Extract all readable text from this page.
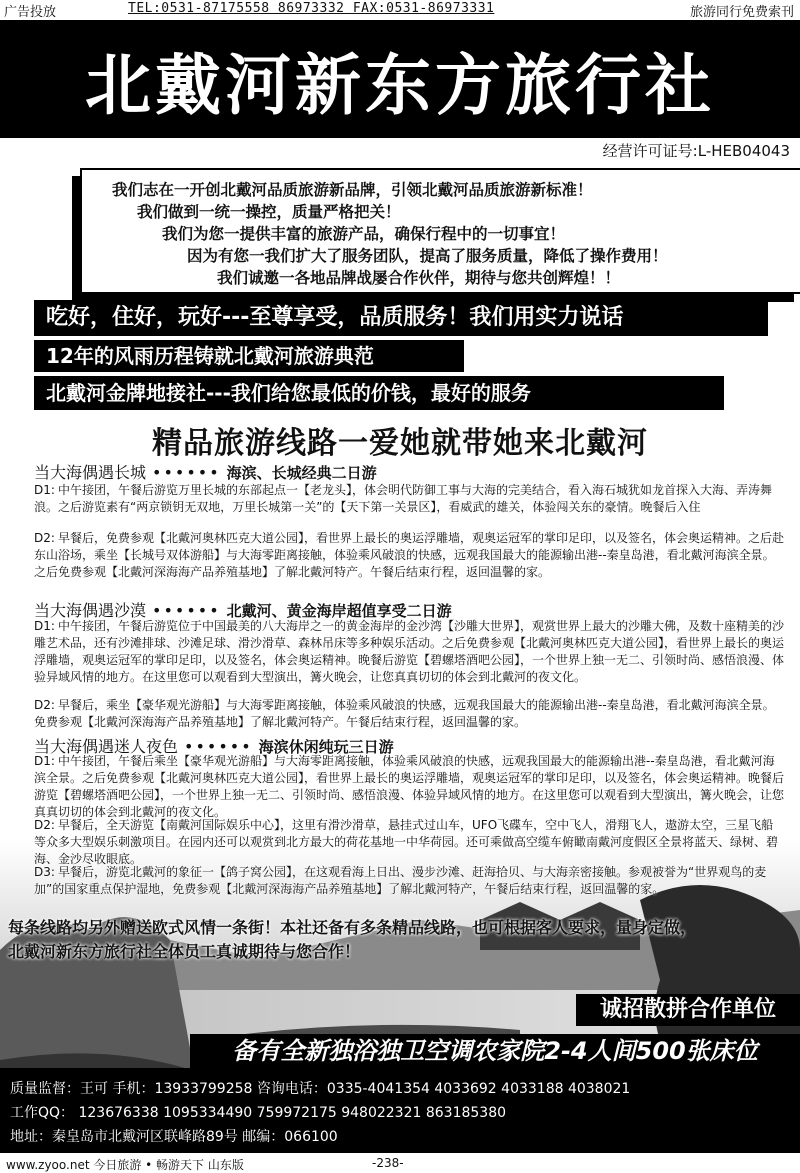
广告投放	TEL:0531-87175558 86973332 FAX:0531-86973331	旅游同行免费索刊
北戴河新东方旅行社
经营许可证号:L-HEB04043
我们志在一开创北戴河品质旅游新品牌，引领北戴河品质旅游新标准！
我们做到一统一操控，质量严格把关！
我们为您一提供丰富的旅游产品，确保行程中的一切事宜！
因为有您一我们扩大了服务团队，提高了服务质量，降低了操作费用！
我们诚邀一各地品牌战屡合作伙伴，期待与您共创辉煌！！
吃好，住好，玩好---至尊享受，品质服务！我们用实力说话
12年的风雨历程铸就北戴河旅游典范
北戴河金牌地接社---我们给您最低的价钱，最好的服务
精品旅游线路一爱她就带她来北戴河
当大海偶遇长城 •••••• 海滨、长城经典二日游
D1: 中午接团，午餐后游览万里长城的东部起点一【老龙头】，体会明代防御工事与大海的完美结合，看入海石城犹如龙首探入大海、弄涛舞浪。之后游览素有“两京锁钥无双地，万里长城第一关”的【天下第一关景区】，看威武的雄关，体验闯关东的豪情。晚餐后入住
D2: 早餐后，免费参观【北戴河奥林匹克大道公园】，看世界上最长的奥运浮雕墙，观奥运冠军的掌印足印，以及签名，体会奥运精神。之后赴东山浴场，乘坐【长城号双体游船】与大海零距离接触，体验乘风破浪的快感，远观我国最大的能源输出港--秦皇岛港，看北戴河海滨全景。之后免费参观【北戴河深海海产品养殖基地】了解北戴河特产。午餐后结束行程，返回温馨的家。
当大海偶遇沙漠 •••••• 北戴河、黄金海岸超值享受二日游
D1: 中午接团，午餐后游览位于中国最美的八大海岸之一的黄金海岸的金沙湾【沙雕大世界】，观赏世界上最大的沙雕大佛，及数十座精美的沙雕艺术品，还有沙滩排球、沙滩足球、滑沙滑草、森林吊床等多种娱乐活动。之后免费参观【北戴河奥林匹克大道公园】，看世界上最长的奥运浮雕墙，观奥运冠军的掌印足印，以及签名，体会奥运精神。晚餐后游览【碧螺塔酒吧公园】，一个世界上独一无二、引领时尚、感悟浪漫、体验异域风情的地方。在这里您可以观看到大型演出，篝火晚会，让您真真切切的体会到北戴河的夜文化。
D2: 早餐后，乘坐【豪华观光游船】与大海零距离接触，体验乘风破浪的快感，远观我国最大的能源输出港--秦皇岛港，看北戴河海滨全景。免费参观【北戴河深海海产品养殖基地】了解北戴河特产。午餐后结束行程，返回温馨的家。
当大海偶遇迷人夜色 •••••• 海滨休闲纯玩三日游
D1: 中午接团，午餐后乘坐【豪华观光游船】与大海零距离接触，体验乘风破浪的快感，远观我国最大的能源输出港--秦皇岛港，看北戴河海滨全景。之后免费参观【北戴河奥林匹克大道公园】，看世界上最长的奥运浮雕墙，观奥运冠军的掌印足印，以及签名，体会奥运精神。晚餐后游览【碧螺塔酒吧公园】，一个世界上独一无二、引领时尚、感悟浪漫、体验异域风情的地方。在这里您可以观看到大型演出，篝火晚会，让您真真切切的体会到北戴河的夜文化。
D2: 早餐后，全天游览【南戴河国际娱乐中心】，这里有滑沙滑草，悬挂式过山车，UFO飞碟车，空中飞人，滑翔飞人，遨游太空，三星飞船等众多大型娱乐刺激项目。在园内还可以观赏到北方最大的荷花基地一中华荷园。还可乘做高空缆车俯瞰南戴河度假区全景将蓝天、绿树、碧海、金沙尽收眼底。
D3: 早餐后，游览北戴河的象征一【鸽子窝公园】，在这观看海上日出、漫步沙滩、赶海拾贝、与大海亲密接触。参观被誉为“世界观鸟的麦加”的国家重点保护湿地，免费参观【北戴河深海海产品养殖基地】了解北戴河特产，午餐后结束行程，返回温馨的家。
每条线路均另外赠送欧式风情一条街！本社还备有多条精品线路，也可根据客人要求，量身定做，
北戴河新东方旅行社全体员工真诚期待与您合作！
诚招散拼合作单位
备有全新独浴独卫空调农家院2-4人间500张床位
质量监督：王可 手机：13933799258 咨询电话：0335-4041354 4033692 4033188 4038021
工作QQ： 123676338 1095334490 759972175 948022321 863185380
地址：秦皇岛市北戴河区联峰路89号 邮编：066100
www.zyoo.net 今日旅游 • 畅游天下 山东版	-238-
